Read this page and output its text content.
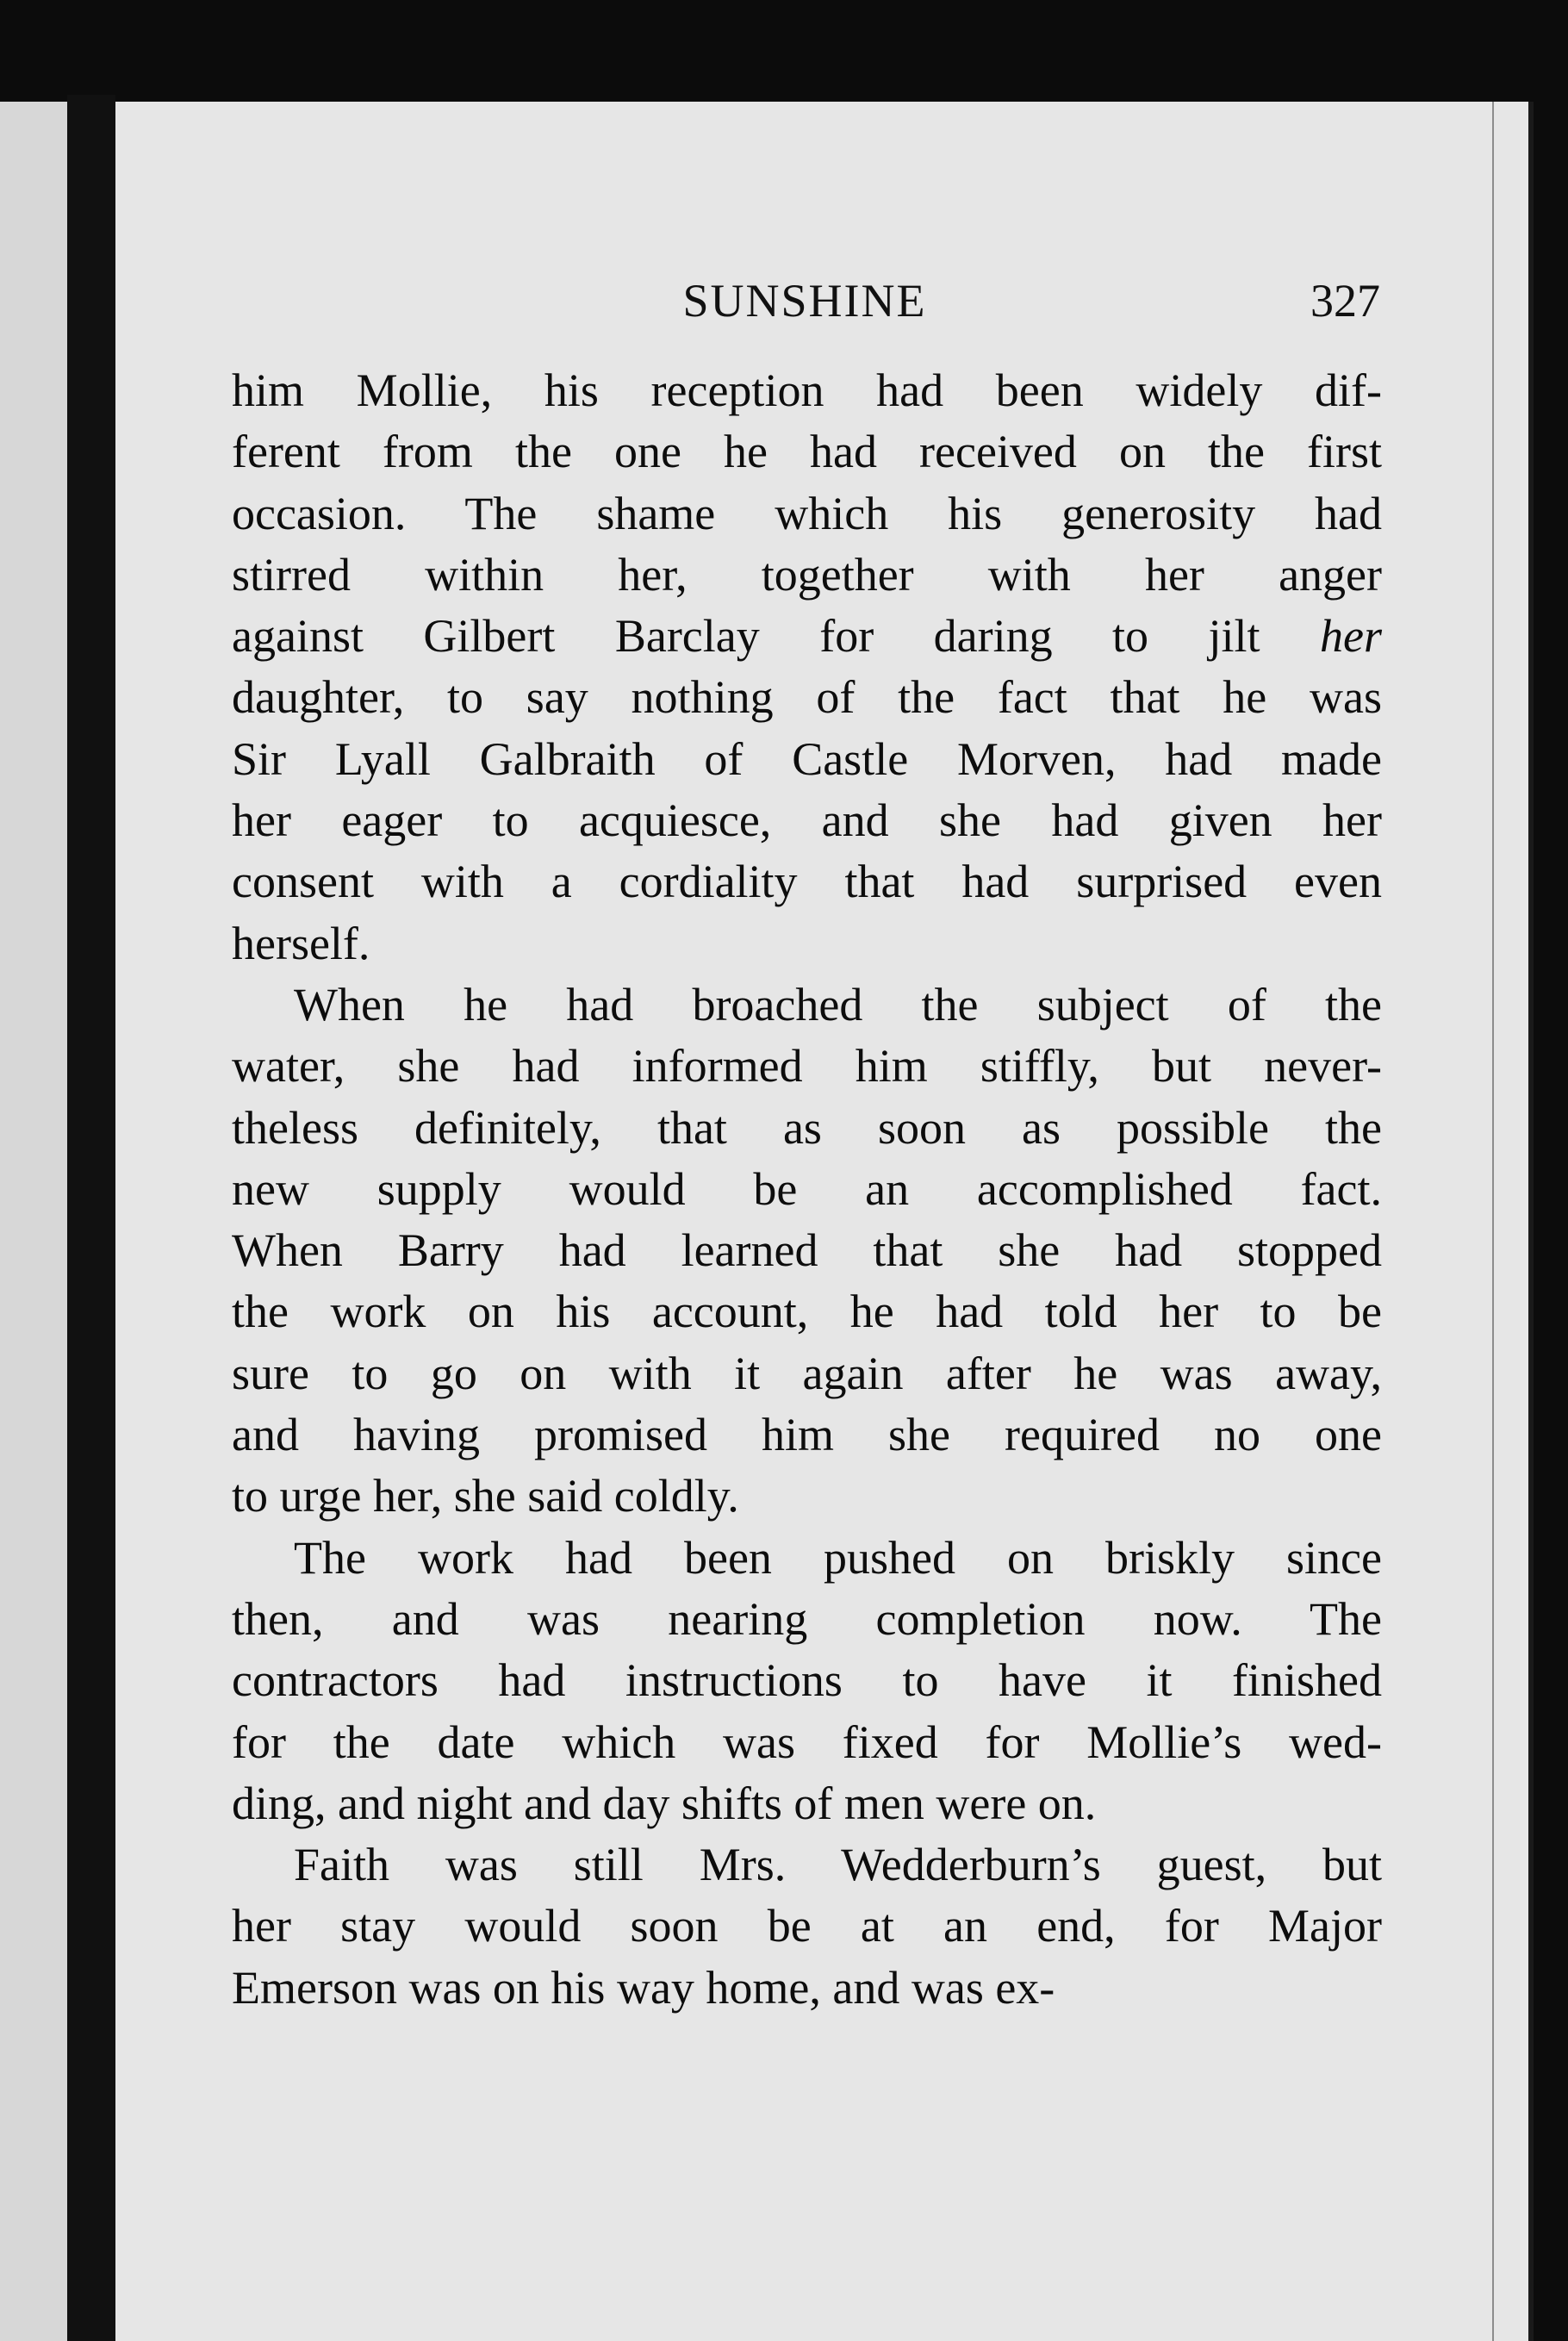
SUNSHINE	327

him Mollie, his reception had been widely dif-
ferent from the one he had received on the first
occasion. The shame which his generosity had
stirred within her, together with her anger
against Gilbert Barclay for daring to jilt her
daughter, to say nothing of the fact that he was
Sir Lyall Galbraith of Castle Morven, had made
her eager to acquiesce, and she had given her
consent with a cordiality that had surprised even
herself.

When he had broached the subject of the
water, she had informed him stiffly, but never-
theless definitely, that as soon as possible the
new supply would be an accomplished fact.
When Barry had learned that she had stopped
the work on his account, he had told her to be
sure to go on with it again after he was away,
and having promised him she required no one
to urge her, she said coldly.

The work had been pushed on briskly since
then, and was nearing completion now. The
contractors had instructions to have it finished
for the date which was fixed for Mollie’s wed-
ding, and night and day shifts of men were on.

Faith was still Mrs. Wedderburn’s guest, but
her stay would soon be at an end, for Major
Emerson was on his way home, and was ex-
